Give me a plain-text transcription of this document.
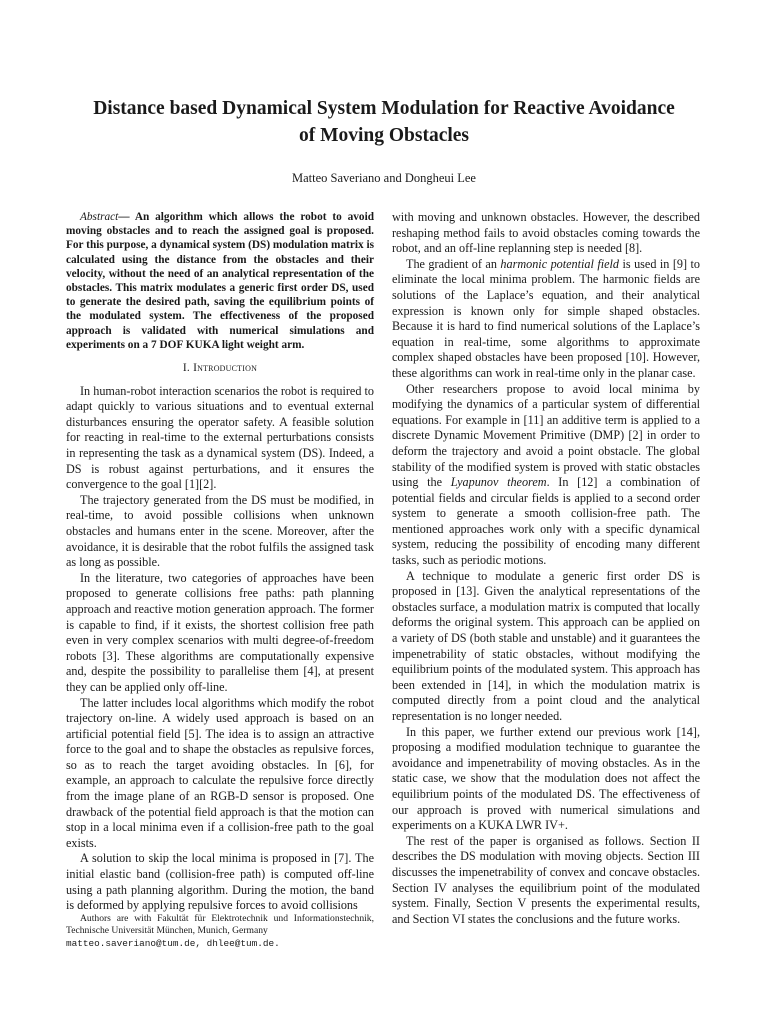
Distance based Dynamical System Modulation for Reactive Avoidance
of Moving Obstacles
Matteo Saveriano and Dongheui Lee

Abstract— An algorithm which allows the robot to avoid moving obstacles and to reach the assigned goal is proposed. For this purpose, a dynamical system (DS) modulation matrix is calculated using the distance from the obstacles and their velocity, without the need of an analytical representation of the obstacles. This matrix modulates a generic first order DS, used to generate the desired path, saving the equilibrium points of the modulated system. The effectiveness of the proposed approach is validated with numerical simulations and experiments on a 7 DOF KUKA light weight arm.

I. Introduction

In human-robot interaction scenarios the robot is required to adapt quickly to various situations and to eventual external disturbances ensuring the operator safety. A feasible solution for reacting in real-time to the external perturbations consists in representing the task as a dynamical system (DS). Indeed, a DS is robust against perturbations, and it ensures the convergence to the goal [1][2].

The trajectory generated from the DS must be modified, in real-time, to avoid possible collisions when unknown obstacles and humans enter in the scene. Moreover, after the avoidance, it is desirable that the robot fulfils the assigned task as long as possible.

In the literature, two categories of approaches have been proposed to generate collisions free paths: path planning approach and reactive motion generation approach. The former is capable to find, if it exists, the shortest collision free path even in very complex scenarios with multi degree-of-freedom robots [3]. These algorithms are computationally expensive and, despite the possibility to parallelise them [4], at present they can be applied only off-line.

The latter includes local algorithms which modify the robot trajectory on-line. A widely used approach is based on an artificial potential field [5]. The idea is to assign an attractive force to the goal and to shape the obstacles as repulsive forces, so as to reach the target avoiding obstacles. In [6], for example, an approach to calculate the repulsive force directly from the image plane of an RGB-D sensor is proposed. One drawback of the potential field approach is that the motion can stop in a local minima even if a collision-free path to the goal exists.

A solution to skip the local minima is proposed in [7]. The initial elastic band (collision-free path) is computed off-line using a path planning algorithm. During the motion, the band is deformed by applying repulsive forces to avoid collisions

Authors are with Fakultät für Elektrotechnik und Informationstechnik, Technische Universität München, Munich, Germany
matteo.saveriano@tum.de, dhlee@tum.de.

with moving and unknown obstacles. However, the described reshaping method fails to avoid obstacles coming towards the robot, and an off-line replanning step is needed [8].

The gradient of an harmonic potential field is used in [9] to eliminate the local minima problem. The harmonic fields are solutions of the Laplace’s equation, and their analytical expression is known only for simple shaped obstacles. Because it is hard to find numerical solutions of the Laplace’s equation in real-time, some algorithms to approximate complex shaped obstacles have been proposed [10]. However, these algorithms can work in real-time only in the planar case.

Other researchers propose to avoid local minima by modifying the dynamics of a particular system of differential equations. For example in [11] an additive term is applied to a discrete Dynamic Movement Primitive (DMP) [2] in order to deform the trajectory and avoid a point obstacle. The global stability of the modified system is proved with static obstacles using the Lyapunov theorem. In [12] a combination of potential fields and circular fields is applied to a second order system to generate a smooth collision-free path. The mentioned approaches work only with a specific dynamical system, reducing the possibility of encoding many different tasks, such as periodic motions.

A technique to modulate a generic first order DS is proposed in [13]. Given the analytical representations of the obstacles surface, a modulation matrix is computed that locally deforms the original system. This approach can be applied on a variety of DS (both stable and unstable) and it guarantees the impenetrability of static obstacles, without modifying the equilibrium points of the modulated system. This approach has been extended in [14], in which the modulation matrix is computed directly from a point cloud and the analytical representation is no longer needed.

In this paper, we further extend our previous work [14], proposing a modified modulation technique to guarantee the avoidance and impenetrability of moving obstacles. As in the static case, we show that the modulation does not affect the equilibrium points of the modulated DS. The effectiveness of our approach is proved with numerical simulations and experiments on a KUKA LWR IV+.

The rest of the paper is organised as follows. Section II describes the DS modulation with moving objects. Section III discusses the impenetrability of convex and concave obstacles. Section IV analyses the equilibrium point of the modulated system. Finally, Section V presents the experimental results, and Section VI states the conclusions and the future works.
